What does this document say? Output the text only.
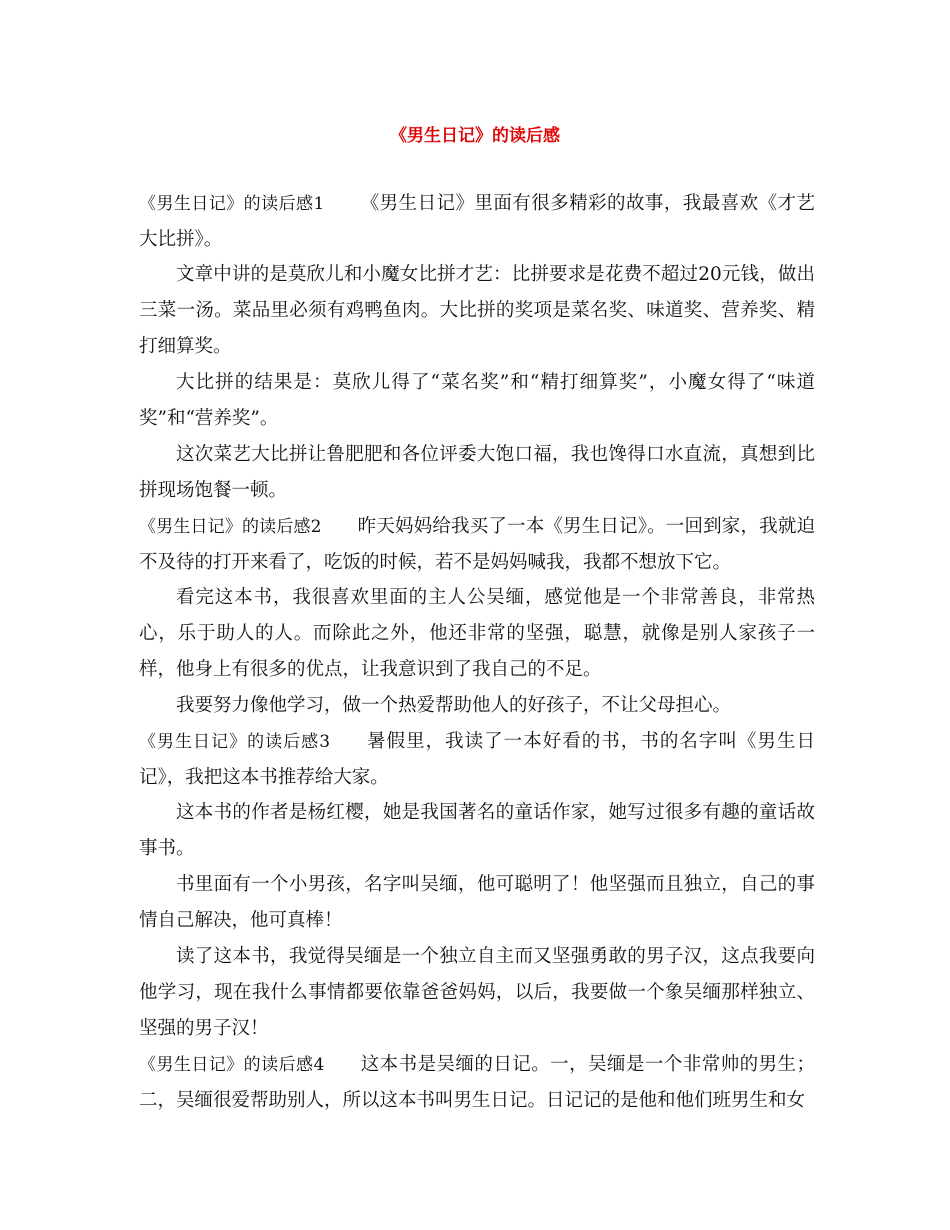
《男生日记》的读后感

《男生日记》的读后感1 《男生日记》里面有很多精彩的故事，我最喜欢《才艺大比拼》。

文章中讲的是莫欣儿和小魔女比拼才艺：比拼要求是花费不超过20元钱，做出三菜一汤。菜品里必须有鸡鸭鱼肉。大比拼的奖项是菜名奖、味道奖、营养奖、精打细算奖。

大比拼的结果是：莫欣儿得了“菜名奖”和“精打细算奖”，小魔女得了“味道奖”和“营养奖”。

这次菜艺大比拼让鲁肥肥和各位评委大饱口福，我也馋得口水直流，真想到比拼现场饱餐一顿。

《男生日记》的读后感2 昨天妈妈给我买了一本《男生日记》。一回到家，我就迫不及待的打开来看了，吃饭的时候，若不是妈妈喊我，我都不想放下它。

看完这本书，我很喜欢里面的主人公吴缅，感觉他是一个非常善良，非常热心，乐于助人的人。而除此之外，他还非常的坚强，聪慧，就像是别人家孩子一样，他身上有很多的优点，让我意识到了我自己的不足。

我要努力像他学习，做一个热爱帮助他人的好孩子，不让父母担心。

《男生日记》的读后感3 暑假里，我读了一本好看的书，书的名字叫《男生日记》，我把这本书推荐给大家。

这本书的作者是杨红樱，她是我国著名的童话作家，她写过很多有趣的童话故事书。

书里面有一个小男孩，名字叫吴缅，他可聪明了！他坚强而且独立，自己的事情自己解决，他可真棒！

读了这本书，我觉得吴缅是一个独立自主而又坚强勇敢的男子汉，这点我要向他学习，现在我什么事情都要依靠爸爸妈妈，以后，我要做一个象吴缅那样独立、坚强的男子汉！

《男生日记》的读后感4 这本书是吴缅的日记。一，吴缅是一个非常帅的男生；二，吴缅很爱帮助别人，所以这本书叫男生日记。日记记的是他和他们班男生和女
